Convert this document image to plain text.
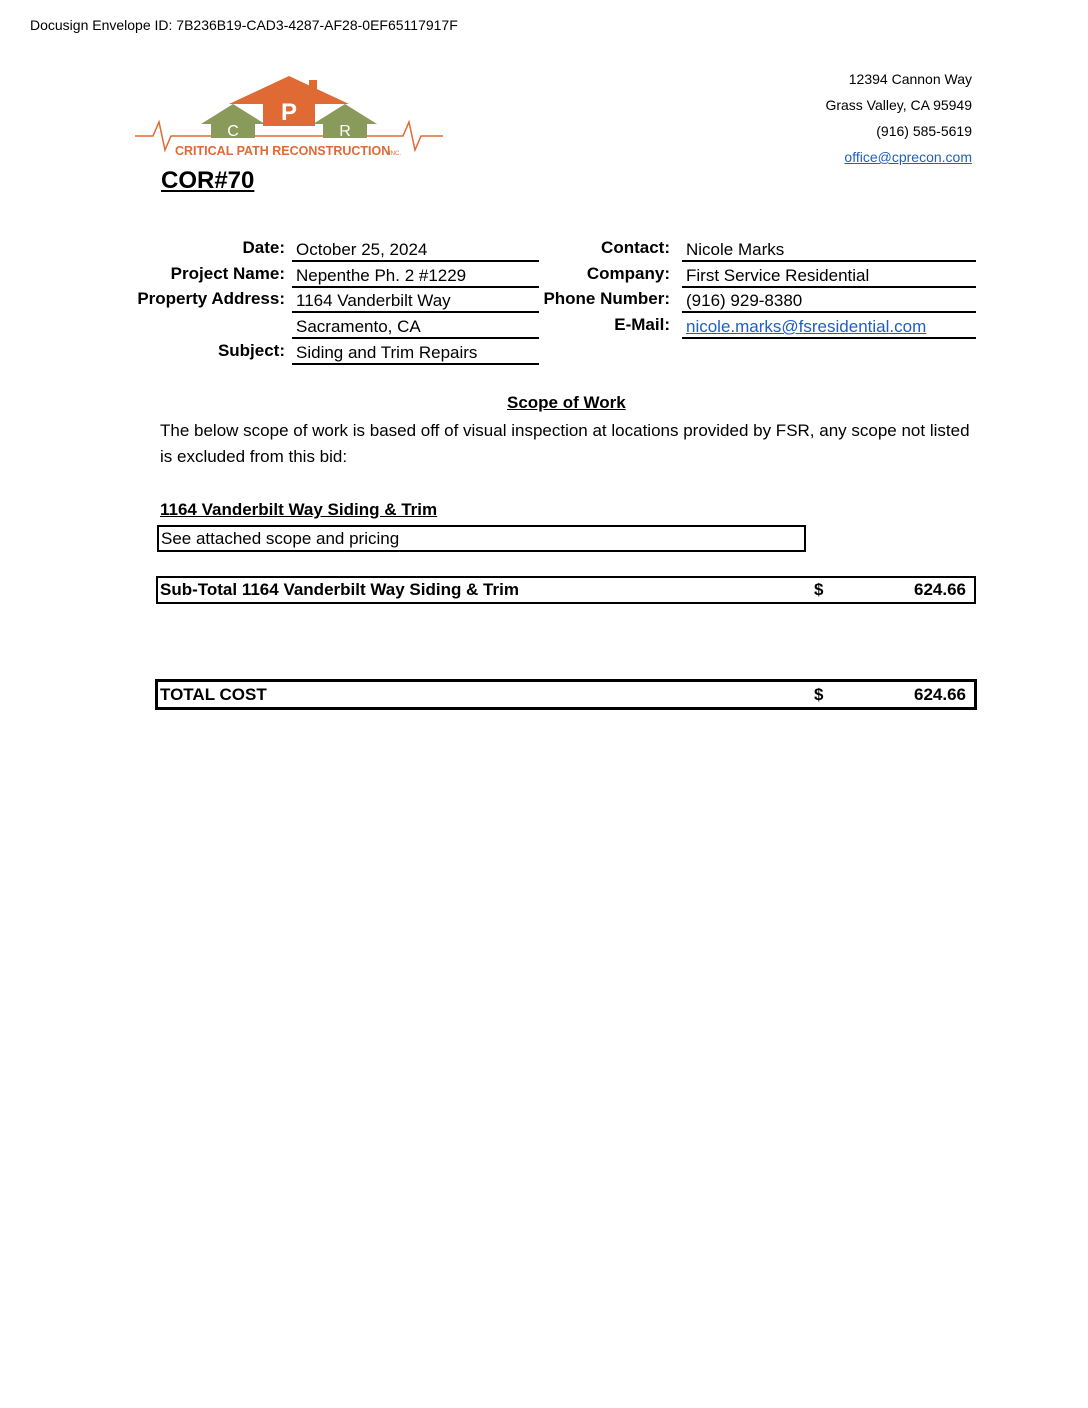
Docusign Envelope ID: 7B236B19-CAD3-4287-AF28-0EF65117917F
P
C	R
CRITICAL PATH RECONSTRUCTION
INC.
12394 Cannon Way
Grass Valley, CA 95949
(916) 585-5619
office@cprecon.com
COR#70
Date: October 25, 2024
Project Name: Nepenthe Ph. 2 #1229
Property Address: 1164 Vanderbilt Way
Sacramento, CA
Subject: Siding and Trim Repairs
Contact: Nicole Marks
Company: First Service Residential
Phone Number: (916) 929-8380
E-Mail: nicole.marks@fsresidential.com
Scope of Work
The below scope of work is based off of visual inspection at locations provided by FSR, any scope not listed is excluded from this bid:
1164 Vanderbilt Way Siding & Trim
See attached scope and pricing
Sub-Total 1164 Vanderbilt Way Siding & Trim	$	624.66
TOTAL COST	$	624.66
